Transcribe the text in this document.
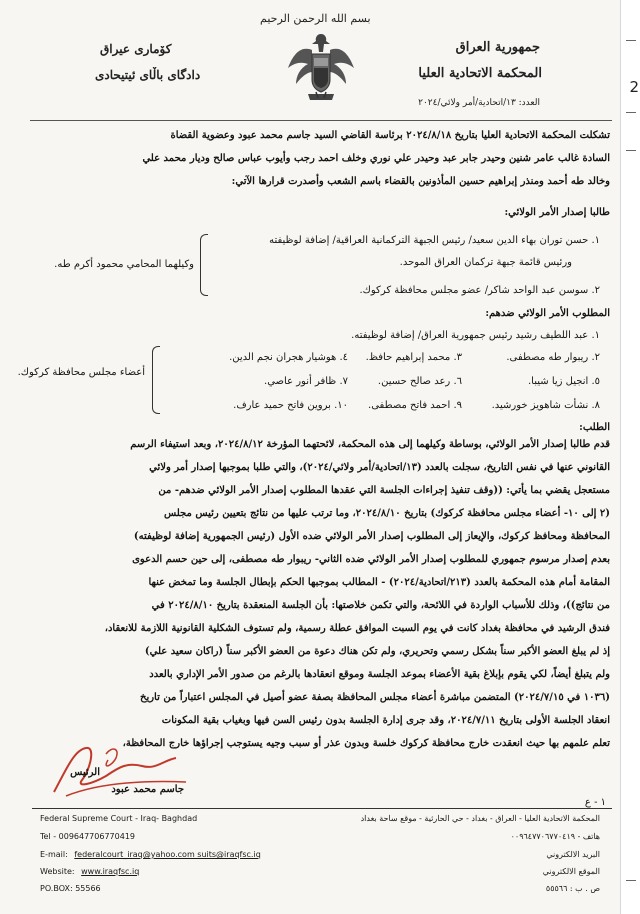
2
بسم الله الرحمن الرحيم
جمهورية العراق
المحكمة الاتحادية العليا
العدد: ١٣/اتحادية/أمر ولائي/٢٠٢٤
كۆماری عیراق
دادگای باڵای ئیتیحادی
تشكلت المحكمة الاتحادية العليا بتاريخ ٢٠٢٤/٨/١٨ برئاسة القاضي السيد جاسم محمد عبود وعضوية القضاة
السادة غالب عامر شنين وحيدر جابر عبد وحيدر علي نوري وخلف احمد رجب وأيوب عباس صالح وديار محمد علي
وخالد طه أحمد ومنذر إبراهيم حسين المأذونين بالقضاء باسم الشعب وأصدرت قرارها الآتي:
طالبا إصدار الأمر الولائي:
١. حسن توران بهاء الدين سعيد/ رئيس الجبهة التركمانية العراقية/ إضافة لوظيفته
ورئيس قائمة جبهة تركمان العراق الموحد.
٢. سوسن عبد الواحد شاكر/ عضو مجلس محافظة كركوك.
وكيلهما المحامي محمود أكرم طه.
المطلوب الأمر الولائي ضدهم:
١. عبد اللطيف رشيد رئيس جمهورية العراق/ إضافة لوظيفته.
٢. ريبوار طه مصطفى.
٣. محمد إبراهيم حافظ.
٤. هوشيار هجران نجم الدين.
٥. انجيل زيا شيبا.
٦. رعد صالح حسين.
٧. ظافر أنور عاصي.
٨. نشأت شاهويز خورشيد.
٩. احمد فاتح مصطفى.
١٠. بروين فاتح حميد عارف.
أعضاء مجلس محافظة كركوك.
الطلب:
قدم طالبا إصدار الأمر الولائي، بوساطة وكيلهما إلى هذه المحكمة، لائحتهما المؤرخة ٢٠٢٤/٨/١٢، وبعد استيفاء الرسم
القانوني عنها في نفس التاريخ، سجلت بالعدد (١٣/اتحادية/أمر ولائي/٢٠٢٤)، والتي طلبا بموجبها إصدار أمر ولائي
مستعجل يقضي بما يأتي: ((وقف تنفيذ إجراءات الجلسة التي عقدها المطلوب إصدار الأمر الولائي ضدهم- من
(٢ إلى ١٠- أعضاء مجلس محافظة كركوك) بتاريخ ٢٠٢٤/٨/١٠، وما ترتب عليها من نتائج بتعيين رئيس مجلس
المحافظة ومحافظ كركوك، والإيعاز إلى المطلوب إصدار الأمر الولائي ضده الأول (رئيس الجمهورية إضافة لوظيفته)
بعدم إصدار مرسوم جمهوري للمطلوب إصدار الأمر الولائي ضده الثاني- ريبوار طه مصطفى، إلى حين حسم الدعوى
المقامة أمام هذه المحكمة بالعدد (٢١٣/اتحادية/٢٠٢٤) - المطالب بموجبها الحكم بإبطال الجلسة وما تمخض عنها
من نتائج))، وذلك للأسباب الواردة في اللائحة، والتي تكمن خلاصتها: بأن الجلسة المنعقدة بتاريخ ٢٠٢٤/٨/١٠ في
فندق الرشيد في محافظة بغداد كانت في يوم السبت الموافق عطلة رسمية، ولم تستوف الشكلية القانونية اللازمة للانعقاد،
إذ لم يبلغ العضو الأكبر سناً بشكل رسمي وتحريري، ولم تكن هناك دعوة من العضو الأكبر سناً (راكان سعيد علي)
ولم يتبلغ أيضاً، لكي يقوم بإبلاغ بقية الأعضاء بموعد الجلسة وموقع انعقادها بالرغم من صدور الأمر الإداري بالعدد
(١٠٣٦ في ٢٠٢٤/٧/١٥) المتضمن مباشرة أعضاء مجلس المحافظة بصفة عضو أصيل في المجلس اعتباراً من تاريخ
انعقاد الجلسة الأولى بتاريخ ٢٠٢٤/٧/١١، وقد جرى إدارة الجلسة بدون رئيس السن فيها وبغياب بقية المكونات
تعلم علمهم بها حيث انعقدت خارج محافظة كركوك خلسة وبدون عذر أو سبب وجيه يستوجب إجراؤها خارج المحافظة،
الرئيس
جاسم محمد عبود
١ - ع
Federal Supreme Court - Iraq- Baghdad
Tel - 009647706770419
E-mail: federalcourt_iraq@yahoo.com suits@iraqfsc.iq
Website: www.iraqfsc.iq
PO.BOX: 55566
المحكمة الاتحادية العليا - العراق - بغداد - حي الحارثية - موقع ساحة بغداد
هاتف - ٠٠٩٦٤٧٧٠٦٧٧٠٤١٩
البريد الالكتروني
الموقع الالكتروني
ص . ب : ٥٥٥٦٦
